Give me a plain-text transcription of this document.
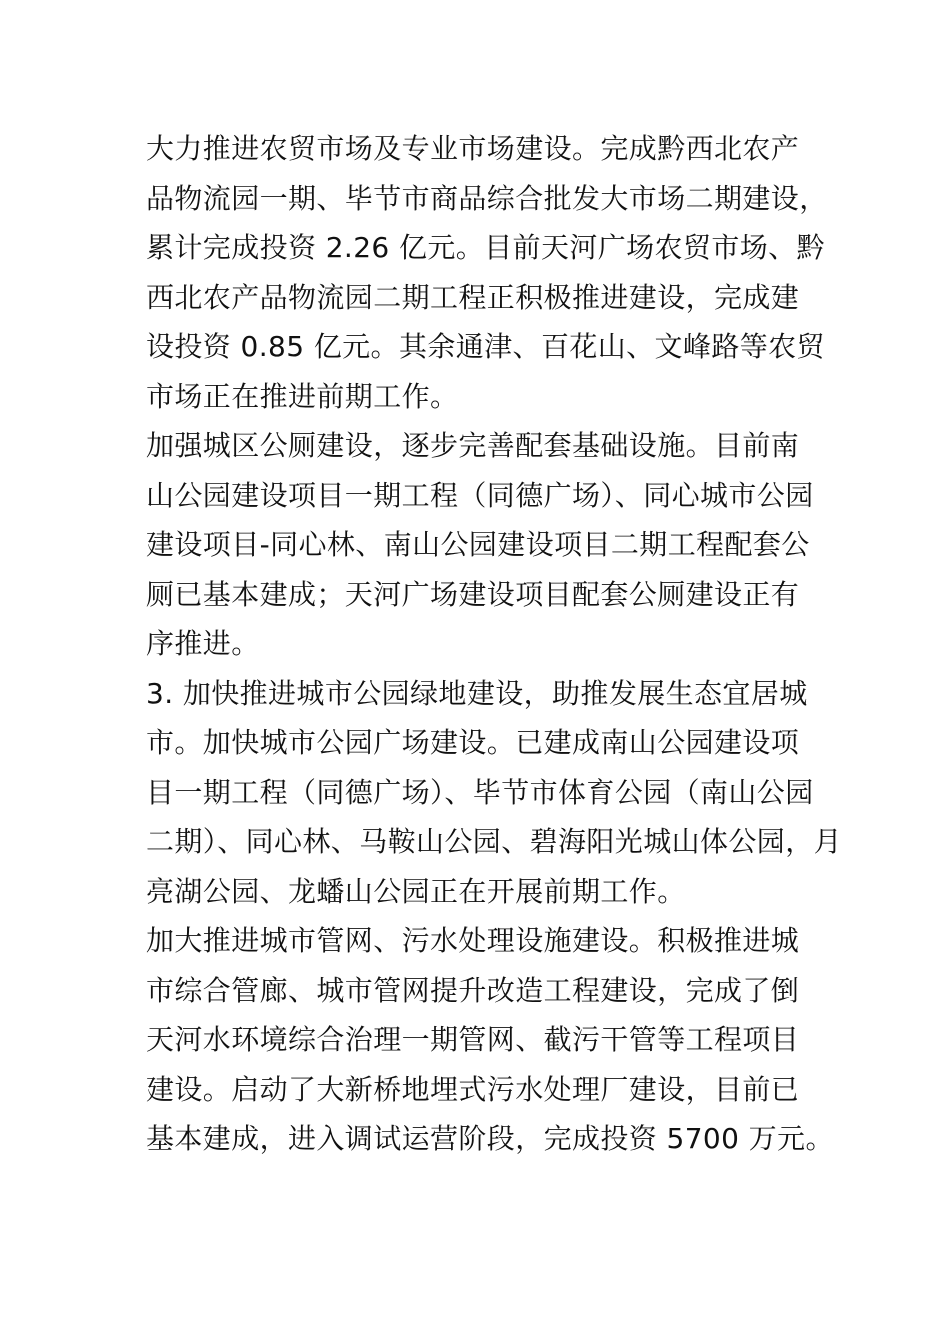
大力推进农贸市场及专业市场建设。完成黔西北农产
品物流园一期、毕节市商品综合批发大市场二期建设，
累计完成投资 2.26 亿元。目前天河广场农贸市场、黔
西北农产品物流园二期工程正积极推进建设，完成建
设投资 0.85 亿元。其余通津、百花山、文峰路等农贸
市场正在推进前期工作。
加强城区公厕建设，逐步完善配套基础设施。目前南
山公园建设项目一期工程（同德广场）、同心城市公园
建设项目-同心林、南山公园建设项目二期工程配套公
厕已基本建成；天河广场建设项目配套公厕建设正有
序推进。
3. 加快推进城市公园绿地建设，助推发展生态宜居城
市。加快城市公园广场建设。已建成南山公园建设项
目一期工程（同德广场）、毕节市体育公园（南山公园
二期）、同心林、马鞍山公园、碧海阳光城山体公园，月
亮湖公园、龙蟠山公园正在开展前期工作。
加大推进城市管网、污水处理设施建设。积极推进城
市综合管廊、城市管网提升改造工程建设，完成了倒
天河水环境综合治理一期管网、截污干管等工程项目
建设。启动了大新桥地埋式污水处理厂建设，目前已
基本建成，进入调试运营阶段，完成投资 5700 万元。
